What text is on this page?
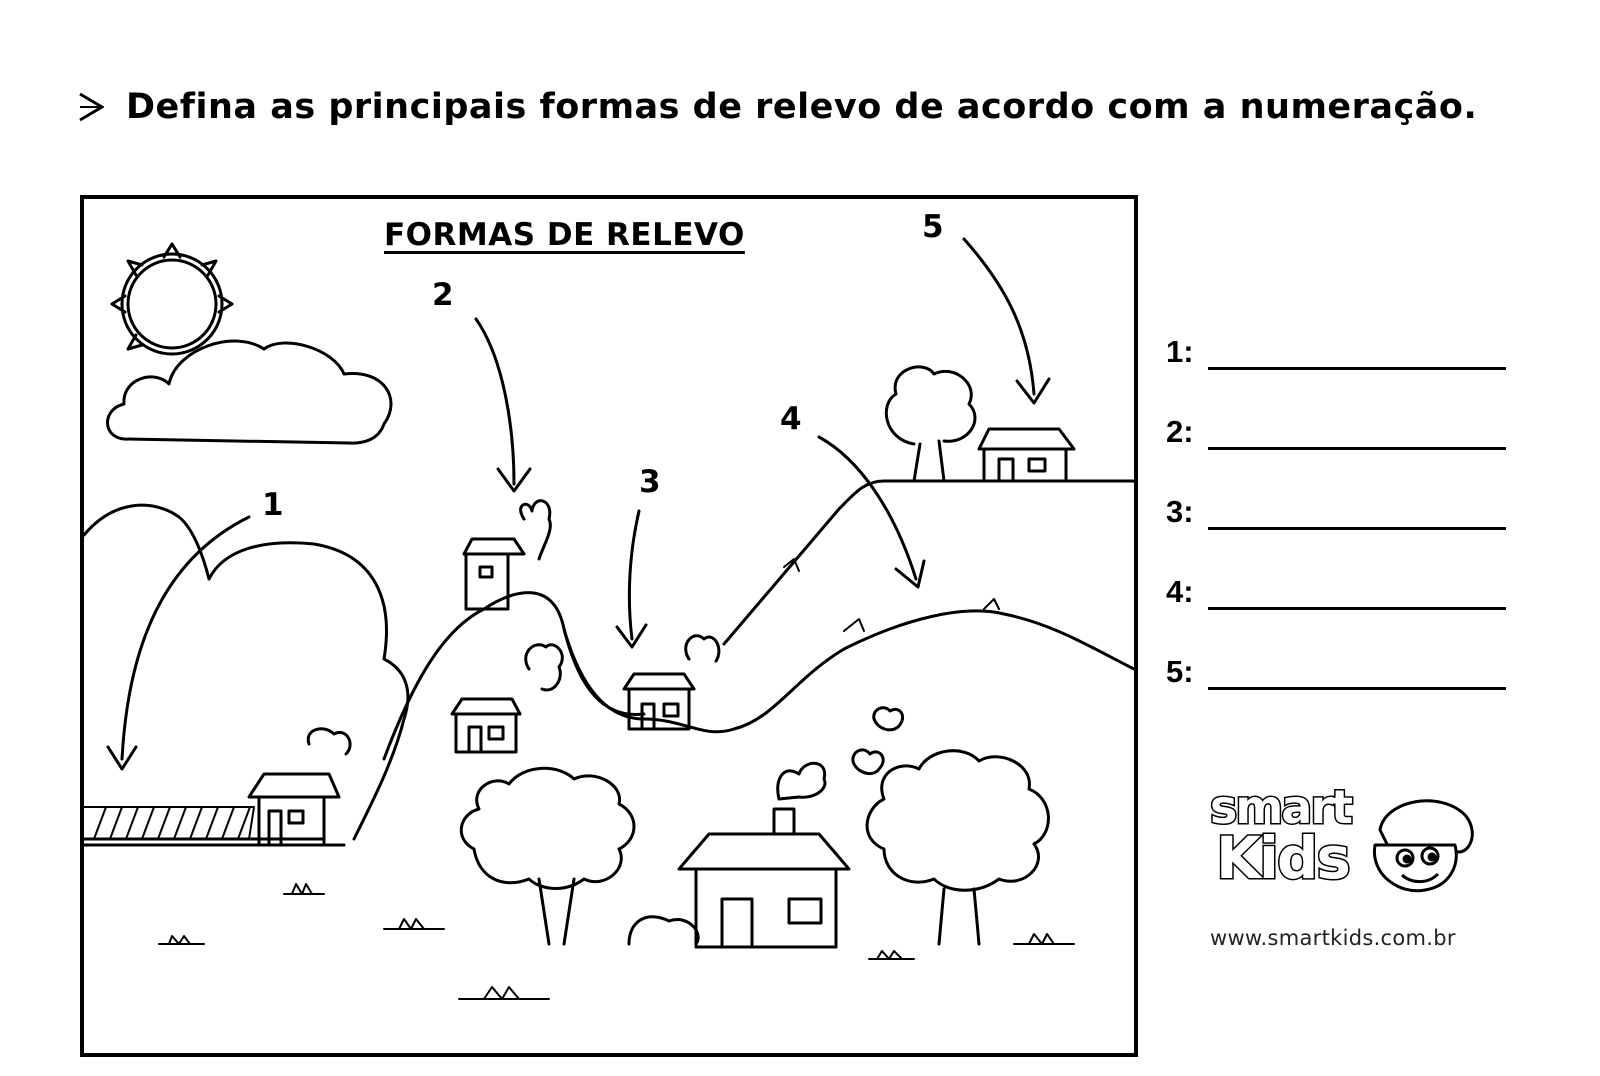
Defina as principais formas de relevo de acordo com a numeração.
FORMAS DE RELEVO
1
2
3
4
5
1:
2:
3:
4:
5:
smart
Kids
www.smartkids.com.br
